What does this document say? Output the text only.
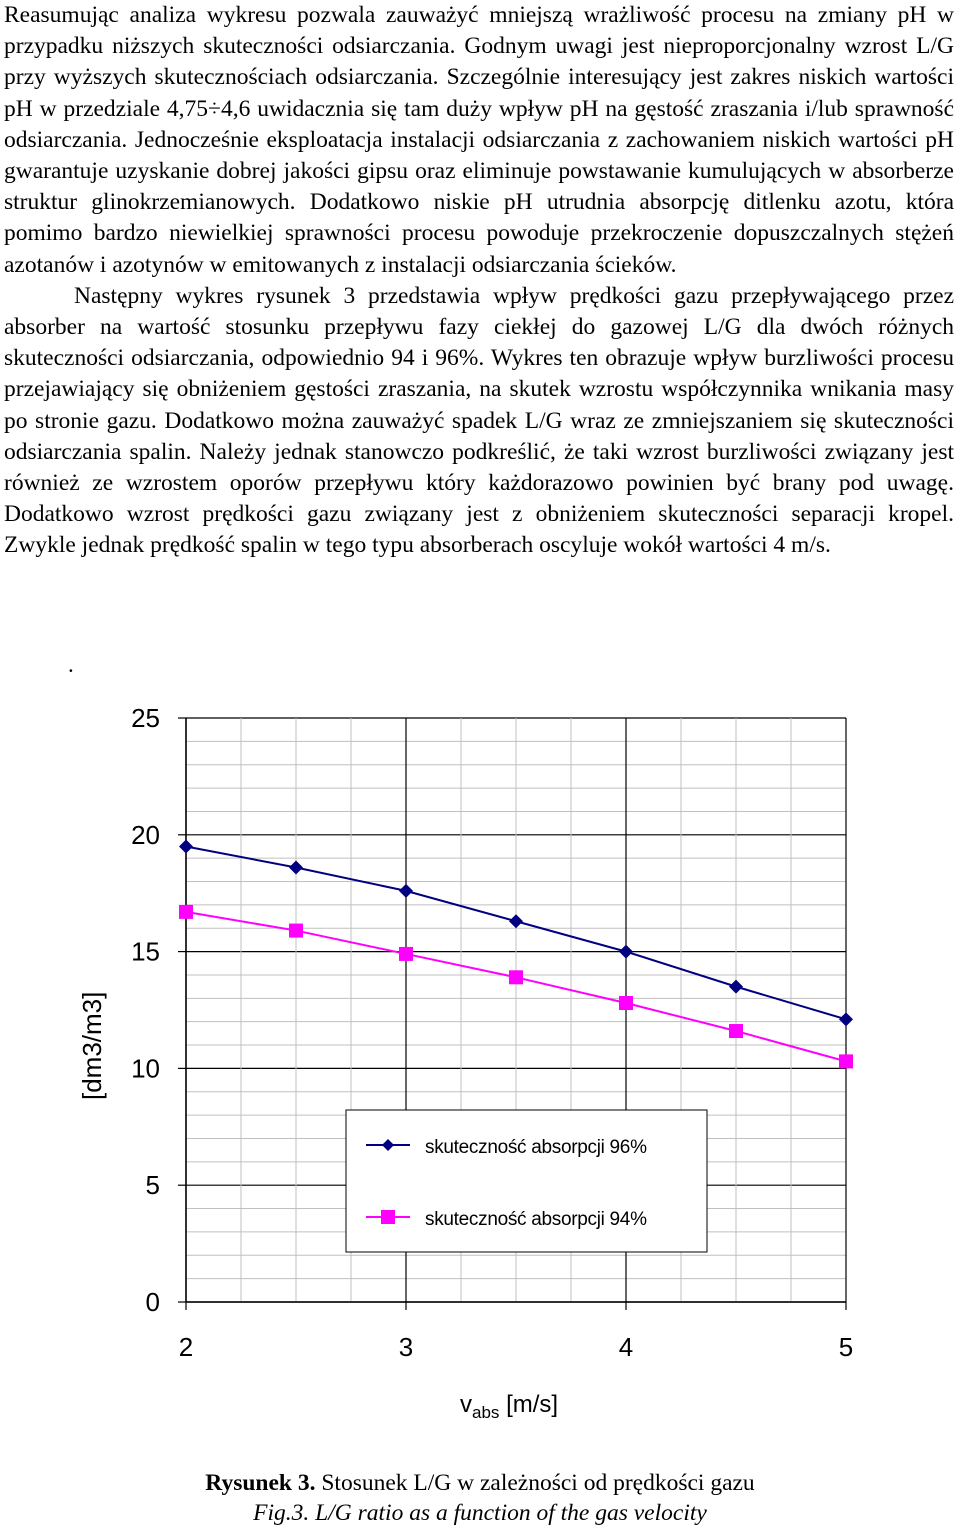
Reasumując analiza wykresu pozwala zauważyć mniejszą wrażliwość procesu na zmiany pH w przypadku niższych skuteczności odsiarczania. Godnym uwagi jest nieproporcjonalny wzrost L/G przy wyższych skutecznościach odsiarczania. Szczególnie interesujący jest zakres niskich wartości pH w przedziale 4,75÷4,6 uwidacznia się tam duży wpływ pH na gęstość zraszania i/lub sprawność odsiarczania. Jednocześnie eksploatacja instalacji odsiarczania z zachowaniem niskich wartości pH gwarantuje uzyskanie dobrej jakości gipsu oraz eliminuje powstawanie kumulujących w absorberze struktur glinokrzemianowych. Dodatkowo niskie pH utrudnia absorpcję ditlenku azotu, która pomimo bardzo niewielkiej sprawności procesu powoduje przekroczenie dopuszczalnych stężeń azotanów i azotynów w emitowanych z instalacji odsiarczania ścieków.

Następny wykres rysunek 3 przedstawia wpływ prędkości gazu przepływającego przez absorber na wartość stosunku przepływu fazy ciekłej do gazowej L/G dla dwóch różnych skuteczności odsiarczania, odpowiednio 94 i 96%. Wykres ten obrazuje wpływ burzliwości procesu przejawiający się obniżeniem gęstości zraszania, na skutek wzrostu współczynnika wnikania masy po stronie gazu. Dodatkowo można zauważyć spadek L/G wraz ze zmniejszaniem się skuteczności odsiarczania spalin. Należy jednak stanowczo podkreślić, że taki wzrost burzliwości związany jest również ze wzrostem oporów przepływu który każdorazowo powinien być brany pod uwagę. Dodatkowo wzrost prędkości gazu związany jest z obniżeniem skuteczności separacji kropel. Zwykle jednak prędkość spalin w tego typu absorberach oscyluje wokół wartości 4 m/s.

.
0
5
10
15
20
25
2	3	4	5
[dm3/m3]
$v_{abs}$ [m/s]
skuteczność absorpcji 96%
skuteczność absorpcji 94%
Rysunek 3. Stosunek L/G w zależności od prędkości gazu
Fig.3. L/G ratio as a function of the gas velocity
